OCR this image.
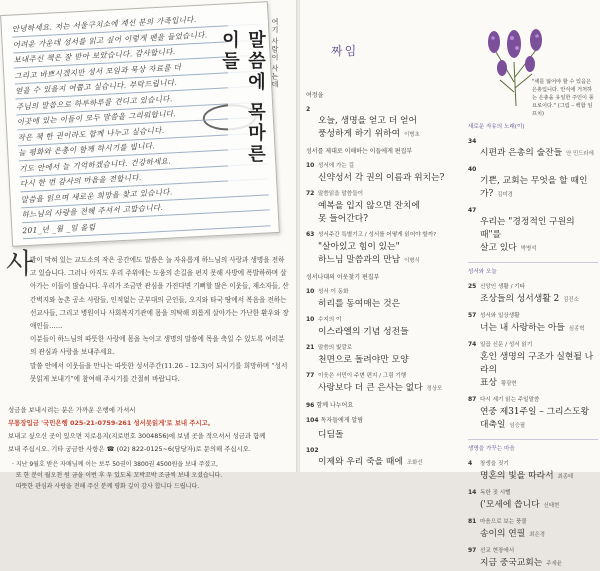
안녕하세요. 저는 서울구치소에 계신 분의 가족입니다.
어려운 가운데 성서를 읽고 싶어 이렇게 펜을 들었습니다.
보내주신 책은 잘 받아 보았습니다. 감사합니다.
그리고 바쁘시겠지만 성서 모임과 묵상 자료를 더
얻을 수 있을지 여쭙고 싶습니다. 부탁드립니다.
주님의 말씀으로 하루하루를 견디고 있습니다.
이곳에 있는 이들이 모두 말씀을 그리워합니다.
작은 책 한 권이라도 함께 나누고 싶습니다.
늘 평화와 은총이 함께 하시기를 빕니다.
기도 안에서 늘 기억하겠습니다. 건강하세요.
다시 한 번 감사의 마음을 전합니다.
말씀을 읽으며 새로운 희망을 찾고 있습니다.
하느님의 사랑을 전해 주셔서 고맙습니다.
201_년 _월 _일 올림
여기 사람이 사는데
말씀에 목마른 이들
사

방이 막혀 있는 교도소의 작은 공간에도 말씀은 늘 자유롭게 하느님의 사랑과 생명을 전하고 있습니다. 그러나 아직도 우리 주위에는 도움의 손길을 펀지 못해 사방에 폭발하하며 살아가는 이들이 많습니다. 우리가 조금만 관심을 가진다면 기뻐할 많은 이웃들, 재소자들, 산간벽지와 농촌 공소 사람들, 인적없는 군부대의 군인들, 오지와 타국 땅에서 복음을 전하는 선교사들, 그리고 병원이나 사회복지기관에 몸을 의탁해 외롭게 살아가는 가난한 환우와 장애인들……

이분들이 하느님의 따뜻한 사랑에 몸을 녹이고 생명의 말씀에 목을 축일 수 있도록 여러분의 관심과 사랑을 보내주세요.

말씀 안에서 이웃들을 만나는 따뜻한 성서주간(11.26 – 12.3)이 되시기를 희망하며 “성서못읽게 보내기”에 참여해 주시기를 간절히 바랍니다.

성금을 보내시려는 분은 가까운 은행에 가셔서
무통장입금 '국민은행 025-21-0759-261 성서못읽게'로 보내 주시고,
보내고 싶으신 곳이 있으면 지로용지(지로번호 3004856)에 보낼 곳을 적으셔서 성금과 함께
보내 주십시오. 기타 궁금한 사항은 ☎ (02) 822-0125~6(담당자)로 문의해 주십시오.
· 지난 9월호 받은 자매님께 이는 보무 50권이 3800권 4500원을 보내 주셨고,
또 한 분이 월오천 원 금을 이번 후 우 있도록 꼬박꼬박 조금씩 보내 오셨습니다.
따뜻한 관심과 사랑을 전해 주신 분께 평화 깊이 감사 합니다 드립니다.
짜임
"세를 잃어야 할 수 있음은 은총입니다. 안식에 거처하는 은총을 유일한 주인이 풍요로이다." (그림 – 백합 임프치)
여정을
2
오늘, 생명을 얻고 더 얻어
풍성하게 하기 위하여 이병초
성서를 제대로 이해하는 이들에게 편집부
10 성서에 가는 길
신약성서 각 권의 이름과 위치는?
72 말씀읽을 말씀들이
예복을 입지 않으면 잔치에
못 들어간다?
63 성서주간 특별기고 / 성서를 어떻게 읽어야 할까?
"살아있고 힘이 있는"
하느님 말씀과의 만남 이형식
성서나대의 이웃찾기 편집부
10 성서 이 동화
히리를 동여매는 것은
10 수지의 이
이스라엘의 기념 성전들
21 말씀의 빛깔로
천면으로 돌려야만 모양
77 이웃은 서민이 주변 편지 / 그림 기행
사랑보다 더 큰 은사는 없다 정상모
96 함께 나누어요
104 독자들에게 알림
디딤돌
102
이제와 우리 죽을 때에 조화선
새로운 자유의 노래(이)
34
시편과 은총의 술잔들 안 민드라에
40
기쁜, 교회는 무엇을 할 때인가? 김미경
47
우리는 "경정적인 구원의 때"를
살고 있다 박병석
성서와 오늘
25 신앙인 생활 / 기타
조상들의 성서생활 2 김진소
57 성서와 일상생활
너는 내 사랑하는 아들 심종혁
74 일곱 신문 / 성서 읽기
혼인 생명의 구조가 실현될 나라의
표상 황광현
87 다시 세기 읽는 주일말씀
연중 제31주일 – 그리스도왕 대축일 임승필
생명을 가꾸는 마음
4 창생을 짓기
명혼의 빛을 따라서 최종태
14 독한 짓 시뻘
('모세에 씁니다 신태현
81 마음으로 보는 풍물
송이의 연필 최은경
97 선교 현장에서
지금 중국교회는 주세윤
